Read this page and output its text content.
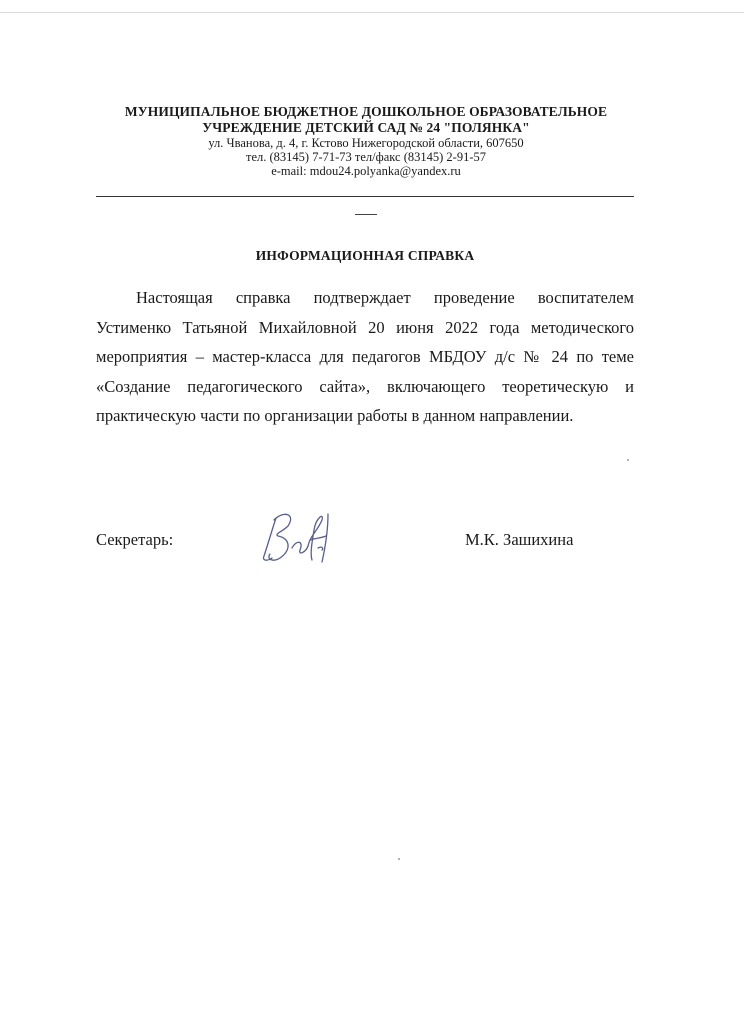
МУНИЦИПАЛЬНОЕ БЮДЖЕТНОЕ ДОШКОЛЬНОЕ ОБРАЗОВАТЕЛЬНОЕ
УЧРЕЖДЕНИЕ ДЕТСКИЙ САД № 24 "ПОЛЯНКА"
ул. Чванова, д. 4, г. Кстово Нижегородской области, 607650
тел. (83145) 7-71-73 тел/факс (83145) 2-91-57
e-mail: mdou24.polyanka@yandex.ru
ИНФОРМАЦИОННАЯ СПРАВКА

Настоящая справка подтверждает проведение воспитателем Устименко Татьяной Михайловной 20 июня 2022 года методического мероприятия – мастер-класса для педагогов МБДОУ д/с № 24 по теме «Создание педагогического сайта», включающего теоретическую и практическую части по организации работы в данном направлении.

Секретарь:	М.К. Зашихина
